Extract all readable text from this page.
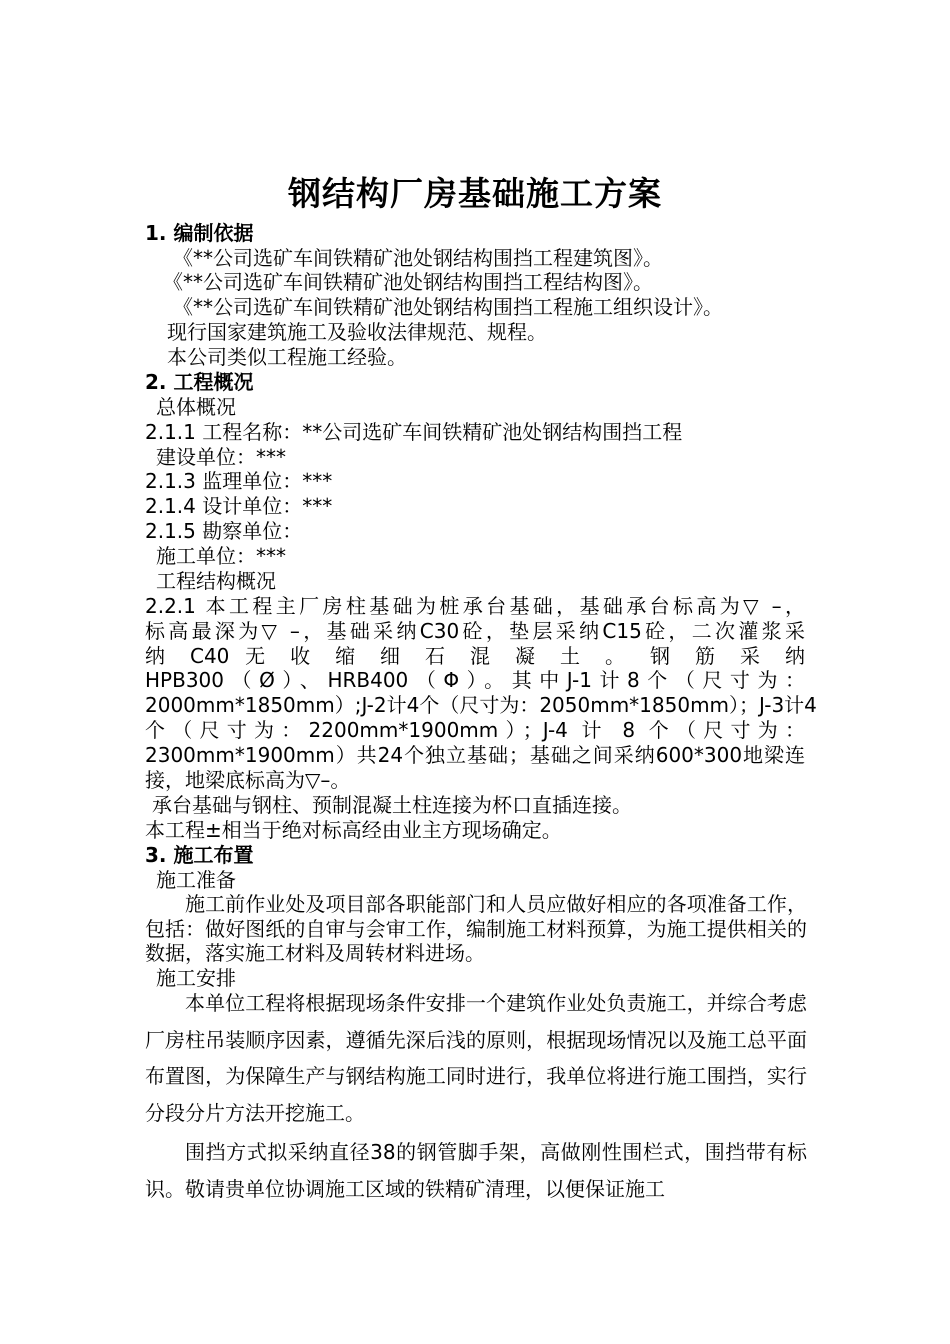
钢结构厂房基础施工方案
1. 编制依据
《**公司选矿车间铁精矿池处钢结构围挡工程建筑图》。
《**公司选矿车间铁精矿池处钢结构围挡工程结构图》。
《**公司选矿车间铁精矿池处钢结构围挡工程施工组织设计》。
现行国家建筑施工及验收法律规范、规程。
本公司类似工程施工经验。
2. 工程概况
总体概况
2.1.1 工程名称：**公司选矿车间铁精矿池处钢结构围挡工程
建设单位：***
2.1.3 监理单位：***
2.1.4 设计单位：***
2.1.5 勘察单位：
施工单位：***
工程结构概况
2.2.1 本工程主厂房柱基础为桩承台基础，基础承台标高为▽ –，
标高最深为▽ –，基础采纳C30砼，垫层采纳C15砼，二次灌浆采
纳 C40 无 收 缩 细 石 混 凝 土 。 钢 筋 采 纳
HPB300（Ø）、HRB400（Φ）。其中J-1计8个（尺寸为：
2000mm*1850mm）;J-2计4个（尺寸为：2050mm*1850mm）；J-3计4
个（尺寸为：2200mm*1900mm）；J-4 计 8 个（尺寸为：
2300mm*1900mm）共24个独立基础；基础之间采纳600*300地梁连
接，地梁底标高为▽–。
承台基础与钢柱、预制混凝土柱连接为杯口直插连接。
本工程±相当于绝对标高经由业主方现场确定。
3. 施工布置
施工准备
施工前作业处及项目部各职能部门和人员应做好相应的各项准备工作，包括：做好图纸的自审与会审工作，编制施工材料预算，为施工提供相关的数据，落实施工材料及周转材料进场。
施工安排
本单位工程将根据现场条件安排一个建筑作业处负责施工，并综合考虑厂房柱吊装顺序因素，遵循先深后浅的原则，根据现场情况以及施工总平面布置图，为保障生产与钢结构施工同时进行，我单位将进行施工围挡，实行分段分片方法开挖施工。
围挡方式拟采纳直径38的钢管脚手架，高做刚性围栏式，围挡带有标识。敬请贵单位协调施工区域的铁精矿清理，以便保证施工
